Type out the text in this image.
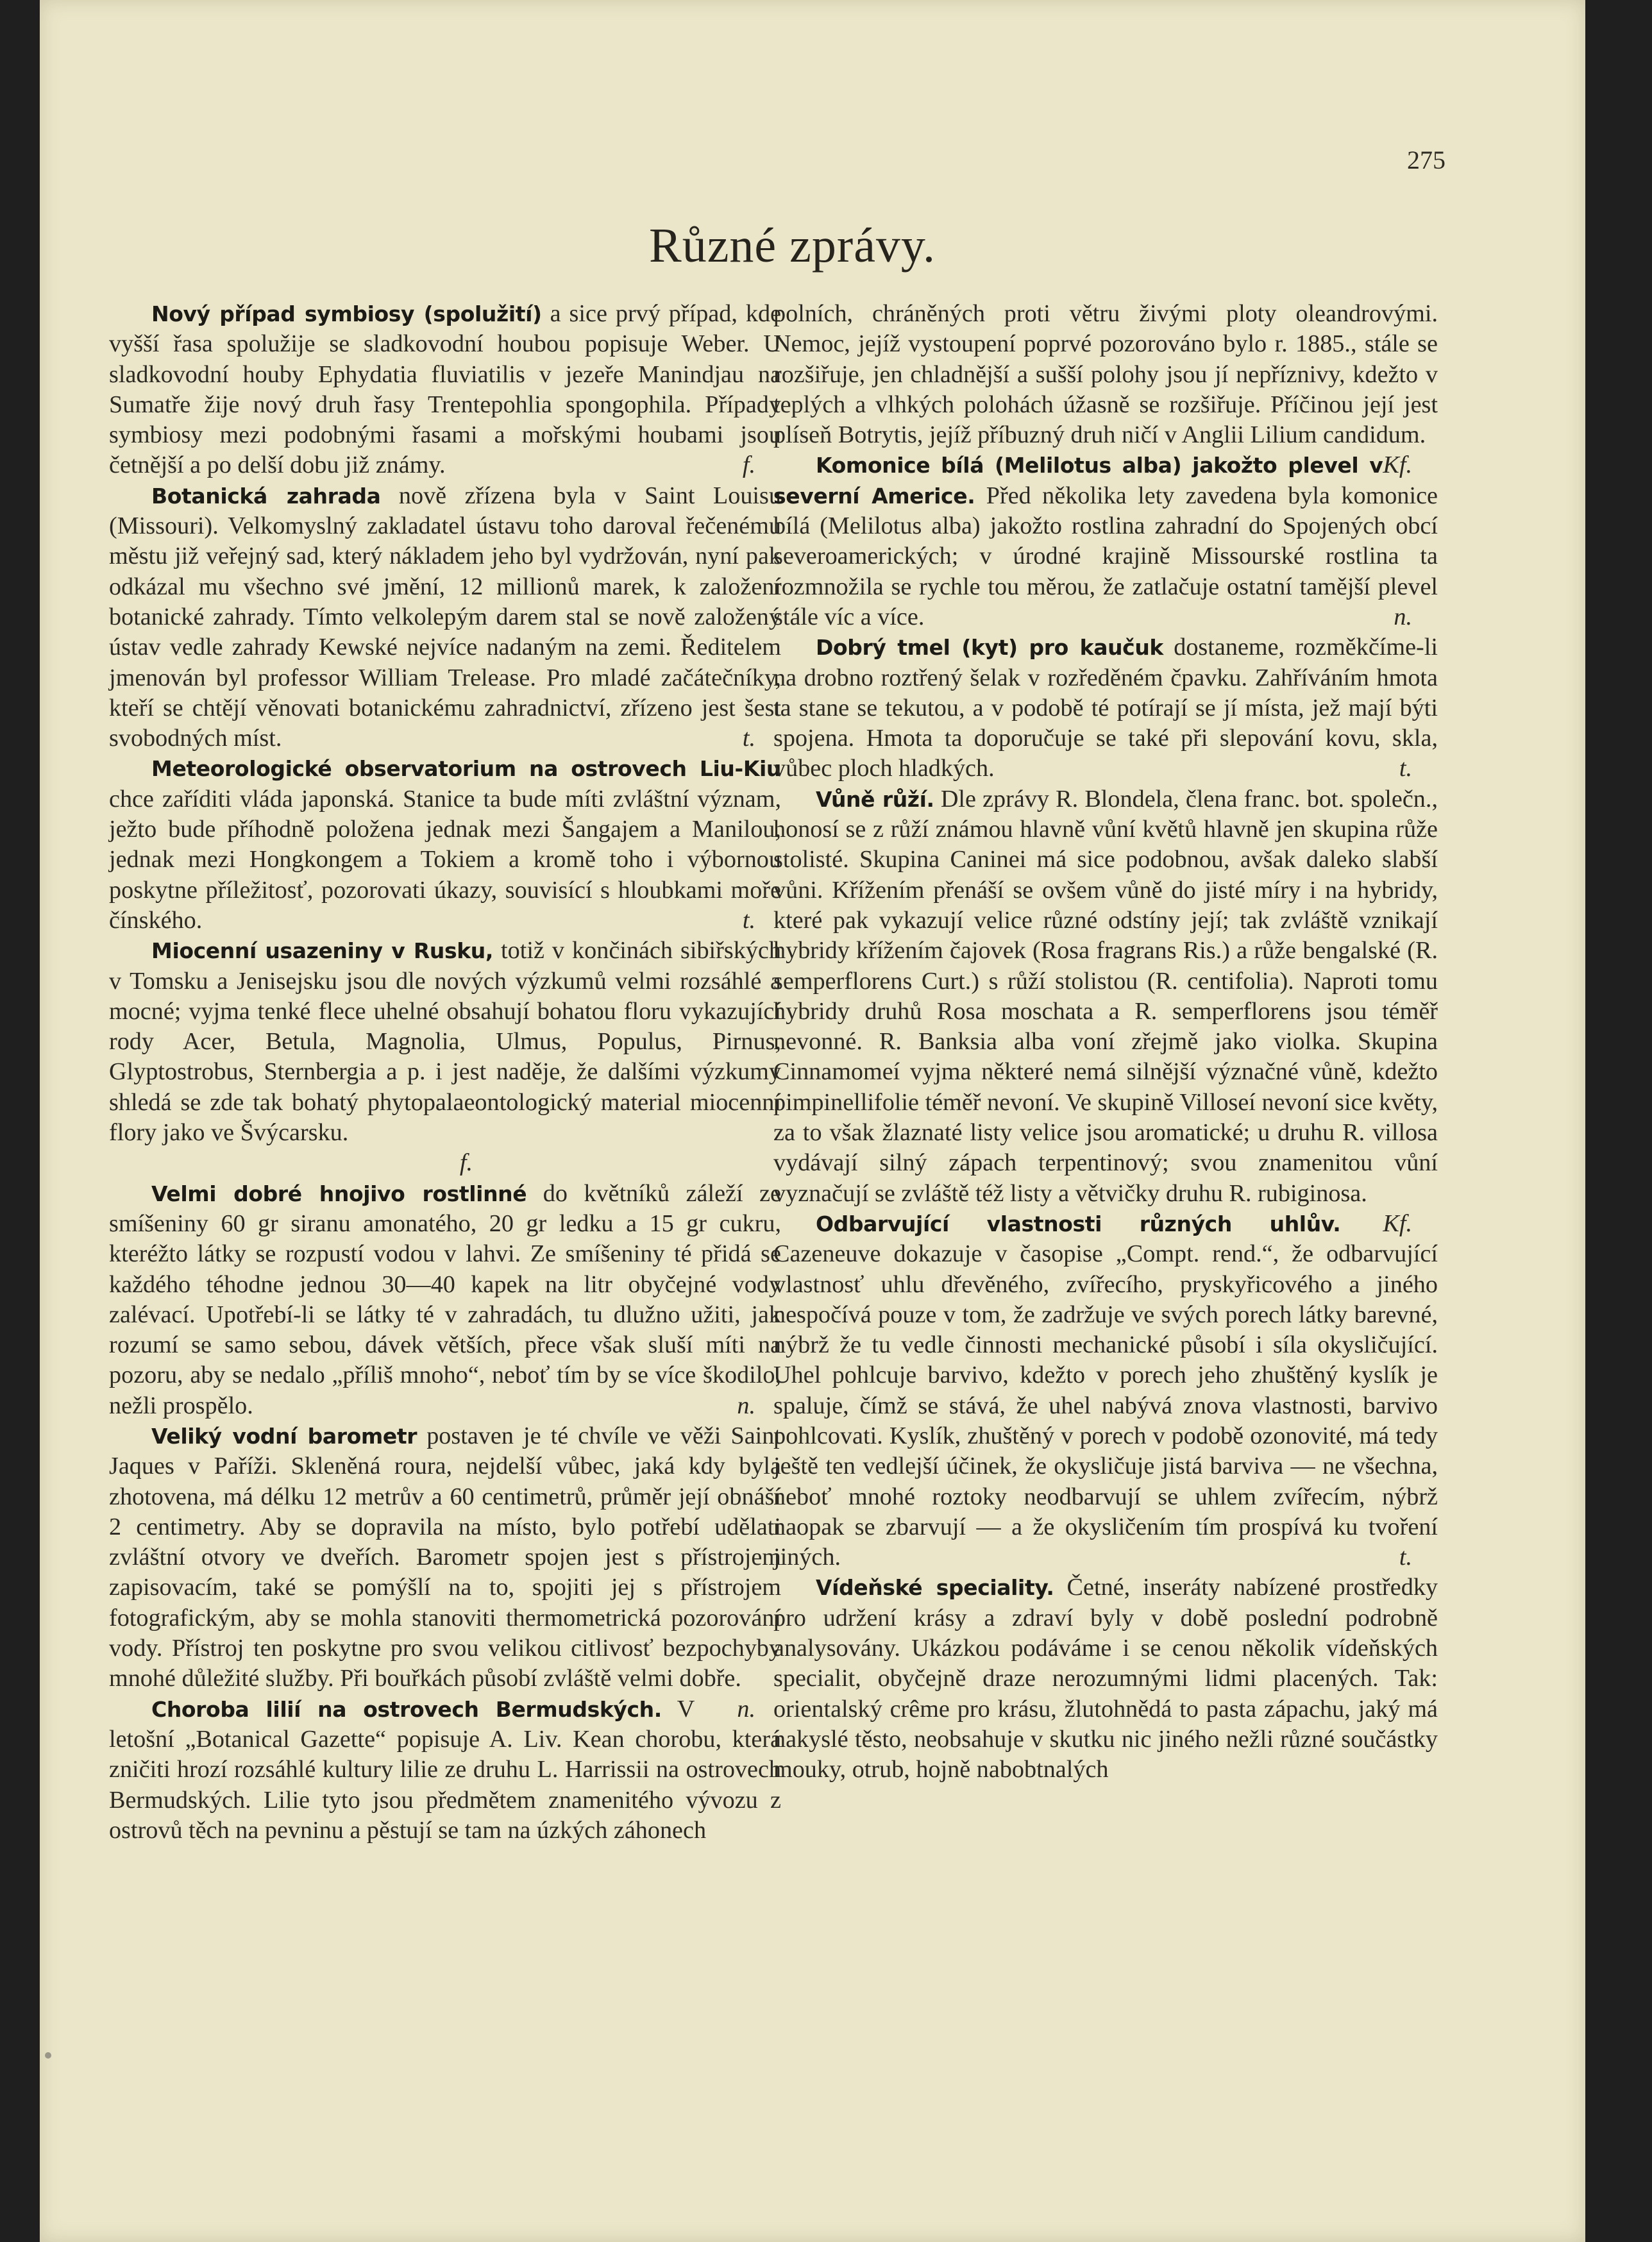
275
Různé zprávy.

Nový případ symbiosy (spolužití) a sice prvý případ, kde vyšší řasa spolužije se sladkovodní houbou popisuje Weber. U sladkovodní houby Ephydatia fluviatilis v jezeře Manindjau na Sumatře žije nový druh řasy Trentepohlia spongophila. Případy symbiosy mezi podobnými řasami a mořskými houbami jsou četnější a po delší dobu již známy.	f.

Botanická zahrada nově zřízena byla v Saint Louisu (Missouri). Velkomyslný zakladatel ústavu toho daroval řečenému městu již veřejný sad, který nákladem jeho byl vydržován, nyní pak odkázal mu všechno své jmění, 12 millionů marek, k založení botanické zahrady. Tímto velkolepým darem stal se nově založený ústav vedle zahrady Kewské nejvíce nadaným na zemi. Ředitelem jmenován byl professor William Trelease. Pro mladé začátečníky, kteří se chtějí věnovati botanickému zahradnictví, zřízeno jest šest svobodných míst.	t.

Meteorologické observatorium na ostrovech Liu-Kiu chce zaříditi vláda japonská. Stanice ta bude míti zvláštní význam, ježto bude příhodně položena jednak mezi Šangajem a Manilou, jednak mezi Hongkongem a Tokiem a kromě toho i výbornou poskytne příležitosť, pozorovati úkazy, souvisící s hloubkami moře čínského.	t.

Miocenní usazeniny v Rusku, totiž v končinách sibiřských v Tomsku a Jenisejsku jsou dle nových výzkumů velmi rozsáhlé a mocné; vyjma tenké flece uhelné obsahují bohatou floru vykazující rody Acer, Betula, Magnolia, Ulmus, Populus, Pirnus, Glyptostrobus, Sternbergia a p. i jest naděje, že dalšími výzkumy shledá se zde tak bohatý phytopalaeontologický material miocenní flory jako ve Švýcarsku.
f.

Velmi dobré hnojivo rostlinné do květníků záleží ze smíšeniny 60 gr siranu amonatého, 20 gr ledku a 15 gr cukru, kteréžto látky se rozpustí vodou v lahvi. Ze smíšeniny té přidá se každého téhodne jednou 30—40 kapek na litr obyčejné vody zalévací. Upotřebí-li se látky té v zahradách, tu dlužno užiti, jak rozumí se samo sebou, dávek větších, přece však sluší míti na pozoru, aby se nedalo „příliš mnoho“, neboť tím by se více škodilo, nežli prospělo.	n.

Veliký vodní barometr postaven je té chvíle ve věži Saint Jaques v Paříži. Skleněná roura, nejdelší vůbec, jaká kdy byla zhotovena, má délku 12 metrův a 60 centimetrů, průměr její obnáší 2 centimetry. Aby se dopravila na místo, bylo potřebí udělati zvláštní otvory ve dveřích. Barometr spojen jest s přístrojem zapisovacím, také se pomýšlí na to, spojiti jej s přístrojem fotografickým, aby se mohla stanoviti thermometrická pozorování vody. Přístroj ten poskytne pro svou velikou citlivosť bezpochyby mnohé důležité služby. Při bouřkách působí zvláště velmi dobře.
n.

Choroba lilií na ostrovech Bermudských. V letošní „Botanical Gazette“ popisuje A. Liv. Kean chorobu, která zničiti hrozí rozsáhlé kultury lilie ze druhu L. Harrissii na ostrovech Bermudských. Lilie tyto jsou předmětem znamenitého vývozu z ostrovů těch na pevninu a pěstují se tam na úzkých záhonech

polních, chráněných proti větru živými ploty oleandrovými. Nemoc, jejíž vystoupení poprvé pozorováno bylo r. 1885., stále se rozšiřuje, jen chladnější a sušší polohy jsou jí nepříznivy, kdežto v teplých a vlhkých polohách úžasně se rozšiřuje. Příčinou její jest plíseň Botrytis, jejíž příbuzný druh ničí v Anglii Lilium candidum.
Kf.

Komonice bílá (Melilotus alba) jakožto plevel v severní Americe. Před několika lety zavedena byla komonice bílá (Melilotus alba) jakožto rostlina zahradní do Spojených obcí severoamerických; v úrodné krajině Missourské rostlina ta rozmnožila se rychle tou měrou, že zatlačuje ostatní tamější plevel stále víc a více.	n.

Dobrý tmel (kyt) pro kaučuk dostaneme, rozměkčíme-li na drobno roztřený šelak v rozředěném čpavku. Zahříváním hmota ta stane se tekutou, a v podobě té potírají se jí místa, jež mají býti spojena. Hmota ta doporučuje se také při slepování kovu, skla, vůbec ploch hladkých.	t.

Vůně růží. Dle zprávy R. Blondela, člena franc. bot. společn., honosí se z růží známou hlavně vůní květů hlavně jen skupina růže stolisté. Skupina Caninei má sice podobnou, avšak daleko slabší vůni. Křížením přenáší se ovšem vůně do jisté míry i na hybridy, které pak vykazují velice různé odstíny její; tak zvláště vznikají hybridy křížením čajovek (Rosa fragrans Ris.) a růže bengalské (R. semperflorens Curt.) s růží stolistou (R. centifolia). Naproti tomu hybridy druhů Rosa moschata a R. semperflorens jsou téměř nevonné. R. Banksia alba voní zřejmě jako violka. Skupina Cinnamomeí vyjma některé nemá silnější význačné vůně, kdežto pimpinellifolie téměř nevoní. Ve skupině Villoseí nevoní sice květy, za to však žlaznaté listy velice jsou aromatické; u druhu R. villosa vydávají silný zápach terpentinový; svou znamenitou vůní vyznačují se zvláště též listy a větvičky druhu R. rubiginosa.
Kf.

Odbarvující vlastnosti různých uhlův. Cazeneuve dokazuje v časopise „Compt. rend.“, že odbarvující vlastnosť uhlu dřevěného, zvířecího, pryskyřicového a jiného nespočívá pouze v tom, že zadržuje ve svých porech látky barevné, nýbrž že tu vedle činnosti mechanické působí i síla okysličující. Uhel pohlcuje barvivo, kdežto v porech jeho zhuštěný kyslík je spaluje, čímž se stává, že uhel nabývá znova vlastnosti, barvivo pohlcovati. Kyslík, zhuštěný v porech v podobě ozonovité, má tedy ještě ten vedlejší účinek, že okysličuje jistá barviva — ne všechna, neboť mnohé roztoky neodbarvují se uhlem zvířecím, nýbrž naopak se zbarvují — a že okysličením tím prospívá ku tvoření jiných.	t.

Vídeňské speciality. Četné, inseráty nabízené prostředky pro udržení krásy a zdraví byly v době poslední podrobně analysovány. Ukázkou podáváme i se cenou několik vídeňských specialit, obyčejně draze nerozumnými lidmi placených. Tak: orientalský crême pro krásu, žlutohnědá to pasta zápachu, jaký má nakyslé těsto, neobsahuje v skutku nic jiného nežli různé součástky mouky, otrub, hojně nabobtnalých
